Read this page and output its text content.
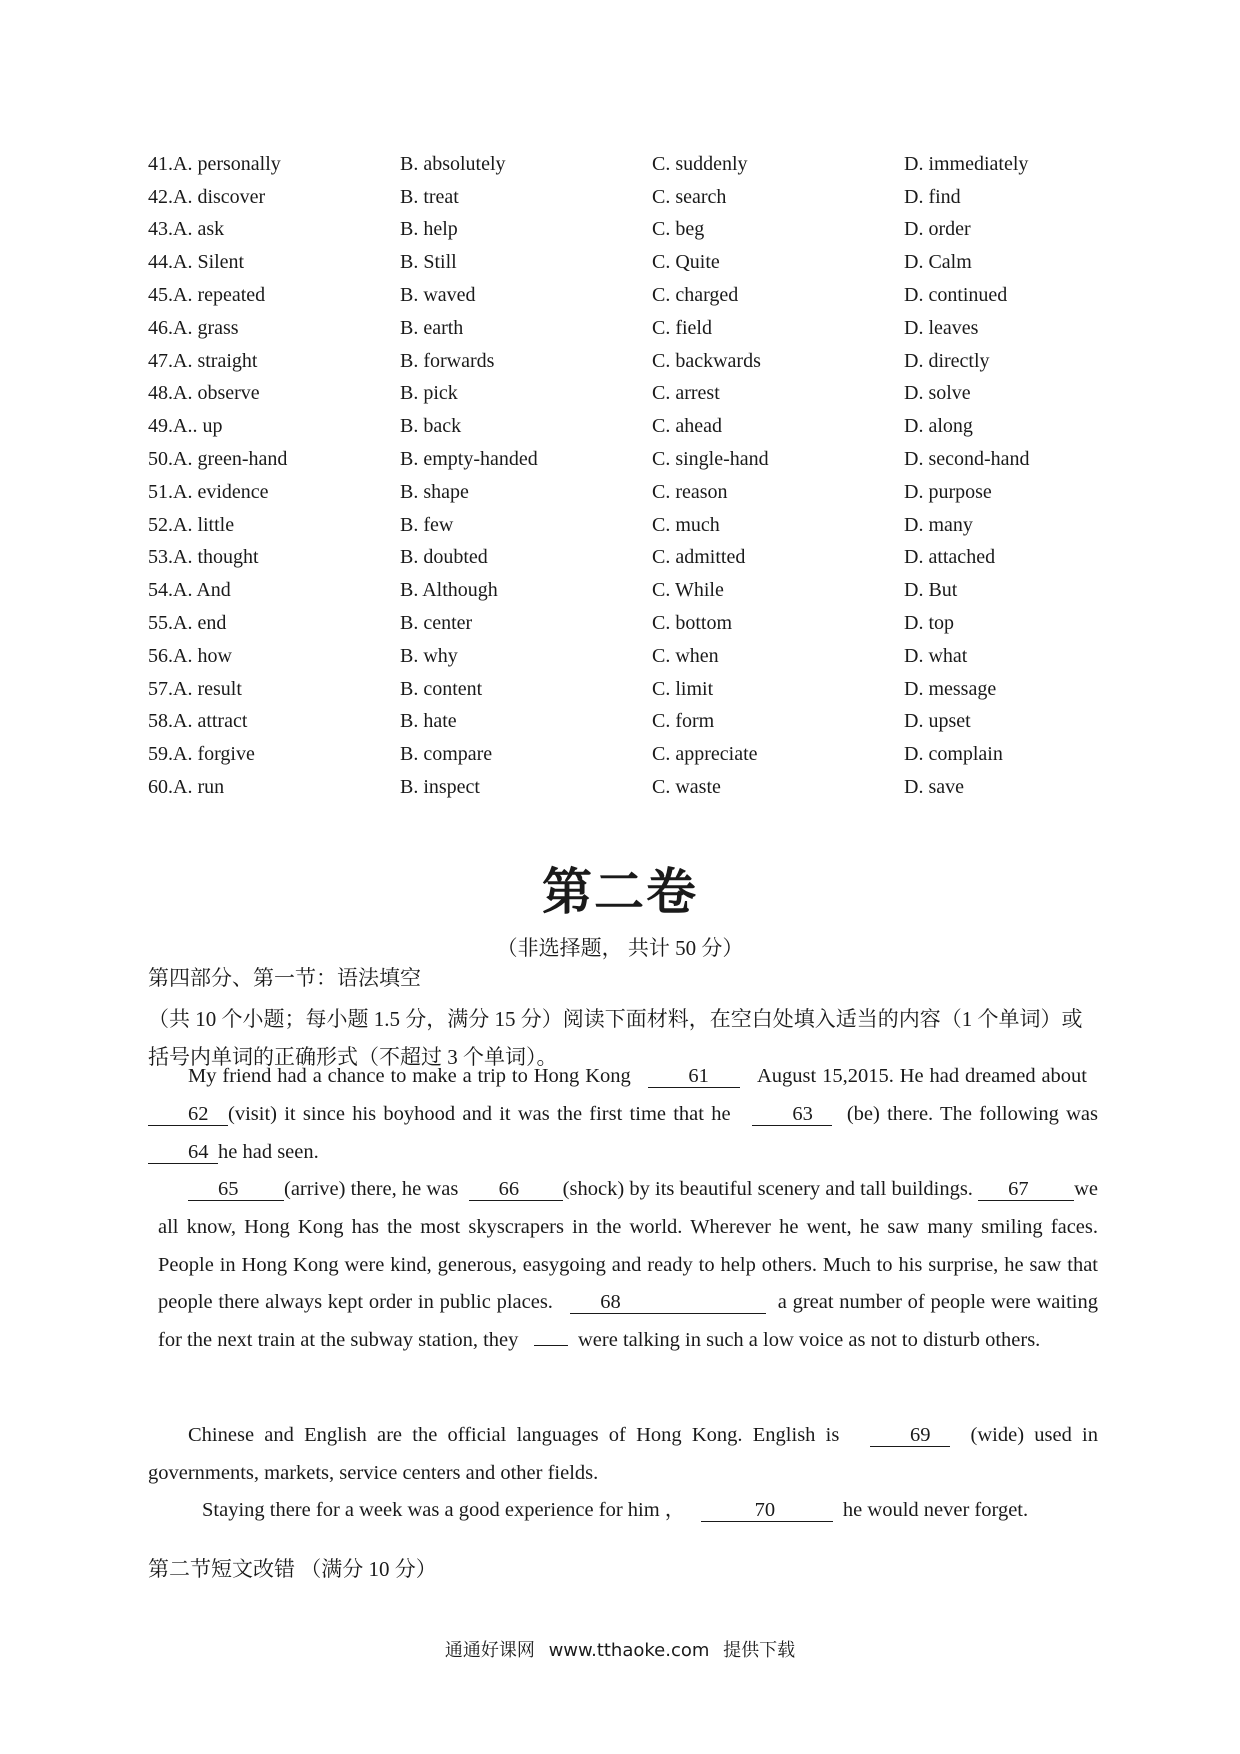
41.A. personally	B. absolutely	C. suddenly	D. immediately
42.A. discover	B. treat	C. search	D. find
43.A. ask	B. help	C. beg	D. order
44.A. Silent	B. Still	C. Quite	D. Calm
45.A. repeated	B. waved	C. charged	D. continued
46.A. grass	B. earth	C. field	D. leaves
47.A. straight	B. forwards	C. backwards	D. directly
48.A. observe	B. pick	C. arrest	D. solve
49.A.. up	B. back	C. ahead	D. along
50.A. green-hand	B. empty-handed	C. single-hand	D. second-hand
51.A. evidence	B. shape	C. reason	D. purpose
52.A. little	B. few	C. much	D. many
53.A. thought	B. doubted	C. admitted	D. attached
54.A. And	B. Although	C. While	D. But
55.A. end	B. center	C. bottom	D. top
56.A. how	B. why	C. when	D. what
57.A. result	B. content	C. limit	D. message
58.A. attract	B. hate	C. form	D. upset
59.A. forgive	B. compare	C. appreciate	D. complain
60.A. run	B. inspect	C. waste	D. save
第二卷
（非选择题， 共计 50 分）
第四部分、第一节：语法填空
（共 10 个小题；每小题 1.5 分，满分 15 分）阅读下面材料，在空白处填入适当的内容（1 个单词）或括号内单词的正确形式（不超过 3 个单词）。

My friend had a chance to make a trip to Hong Kong	61 August 15,2015. He had dreamed about  62 (visit) it since his boyhood and it was the first time that he	63 (be) there. The following was 64 he had seen.

65 (arrive) there, he was 66 (shock) by its beautiful scenery and tall buildings. 67 we all know, Hong Kong has the most skyscrapers in the world. Wherever he went, he saw many smiling faces. People in Hong Kong were kind, generous, easygoing and ready to help others. Much to his surprise, he saw that people there always kept order in public places. 68	a great number of people were waiting for the next train at the subway station, they	were talking in such a low voice as not to disturb others.

Chinese and English are the official languages of Hong Kong. English is	69 (wide) used in governments, markets, service centers and other fields.

Staying there for a week was a good experience for him ，	70	he would never forget.

第二节短文改错 （满分 10 分）
通通好课网 www.tthaoke.com 提供下载
